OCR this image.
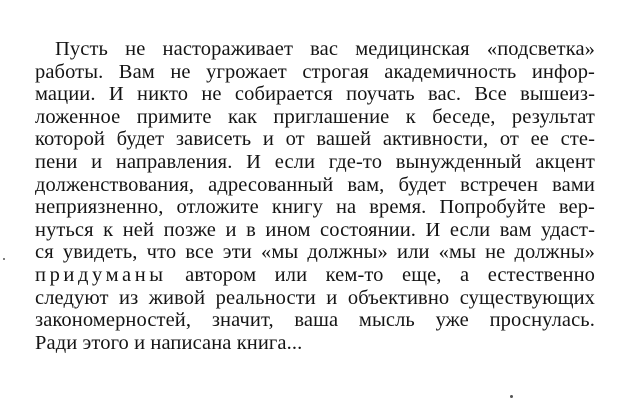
Пусть не настораживает вас медицинская «подсветка»
работы. Вам не угрожает строгая академичность инфор-
мации. И никто не собирается поучать вас. Все вышеиз-
ложенное примите как приглашение к беседе, результат
которой будет зависеть и от вашей активности, от ее сте-
пени и направления. И если где-то вынужденный акцент
долженствования, адресованный вам, будет встречен вами
неприязненно, отложите книгу на время. Попробуйте вер-
нуться к ней позже и в ином состоянии. И если вам удаст-
ся увидеть, что все эти «мы должны» или «мы не должны»
придуманы автором или кем-то еще, а естественно
следуют из живой реальности и объективно существующих
закономерностей, значит, ваша мысль уже проснулась.
Ради этого и написана книга...
